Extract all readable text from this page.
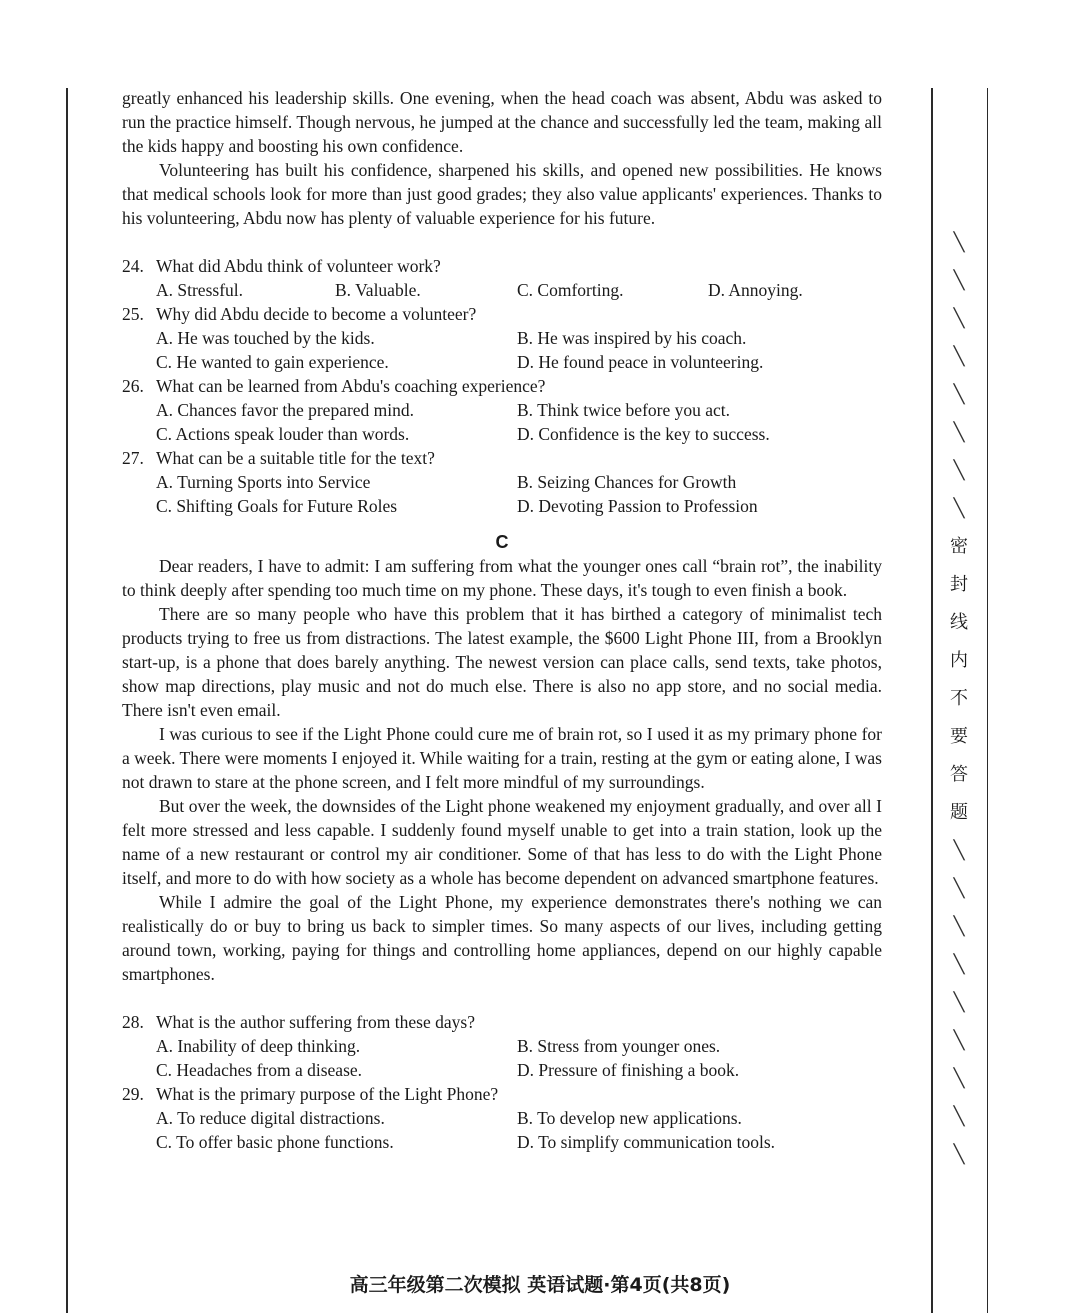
greatly enhanced his leadership skills. One evening, when the head coach was absent, Abdu was asked to run the practice himself. Though nervous, he jumped at the chance and successfully led the team, making all the kids happy and boosting his own confidence.

Volunteering has built his confidence, sharpened his skills, and opened new possibilities. He knows that medical schools look for more than just good grades; they also value applicants' experiences. Thanks to his volunteering, Abdu now has plenty of valuable experience for his future.

24. What did Abdu think of volunteer work?
A. Stressful.	B. Valuable.	C. Comforting.	D. Annoying.
25. Why did Abdu decide to become a volunteer?
A. He was touched by the kids.	B. He was inspired by his coach.
C. He wanted to gain experience.	D. He found peace in volunteering.
26. What can be learned from Abdu's coaching experience?
A. Chances favor the prepared mind.	B. Think twice before you act.
C. Actions speak louder than words.	D. Confidence is the key to success.
27. What can be a suitable title for the text?
A. Turning Sports into Service	B. Seizing Chances for Growth
C. Shifting Goals for Future Roles	D. Devoting Passion to Profession
C

Dear readers, I have to admit: I am suffering from what the younger ones call “brain rot”, the inability to think deeply after spending too much time on my phone. These days, it's tough to even finish a book.

There are so many people who have this problem that it has birthed a category of minimalist tech products trying to free us from distractions. The latest example, the $600 Light Phone III, from a Brooklyn start-up, is a phone that does barely anything. The newest version can place calls, send texts, take photos, show map directions, play music and not do much else. There is also no app store, and no social media. There isn't even email.

I was curious to see if the Light Phone could cure me of brain rot, so I used it as my primary phone for a week. There were moments I enjoyed it. While waiting for a train, resting at the gym or eating alone, I was not drawn to stare at the phone screen, and I felt more mindful of my surroundings.

But over the week, the downsides of the Light phone weakened my enjoyment gradually, and over all I felt more stressed and less capable. I suddenly found myself unable to get into a train station, look up the name of a new restaurant or control my air conditioner. Some of that has less to do with the Light Phone itself, and more to do with how society as a whole has become dependent on advanced smartphone features.

While I admire the goal of the Light Phone, my experience demonstrates there's nothing we can realistically do or buy to bring us back to simpler times. So many aspects of our lives, including getting around town, working, paying for things and controlling home appliances, depend on our highly capable smartphones.

28. What is the author suffering from these days?
A. Inability of deep thinking.	B. Stress from younger ones.
C. Headaches from a disease.	D. Pressure of finishing a book.
29. What is the primary purpose of the Light Phone?
A. To reduce digital distractions.	B. To develop new applications.
C. To offer basic phone functions.	D. To simplify communication tools.
╲
╲
╲
╲
╲
╲
╲
╲
密
封
线
内
不
要
答
题
╲
╲
╲
╲
╲
╲
╲
╲
╲
高三年级第二次模拟 英语试题·第4页(共8页)
